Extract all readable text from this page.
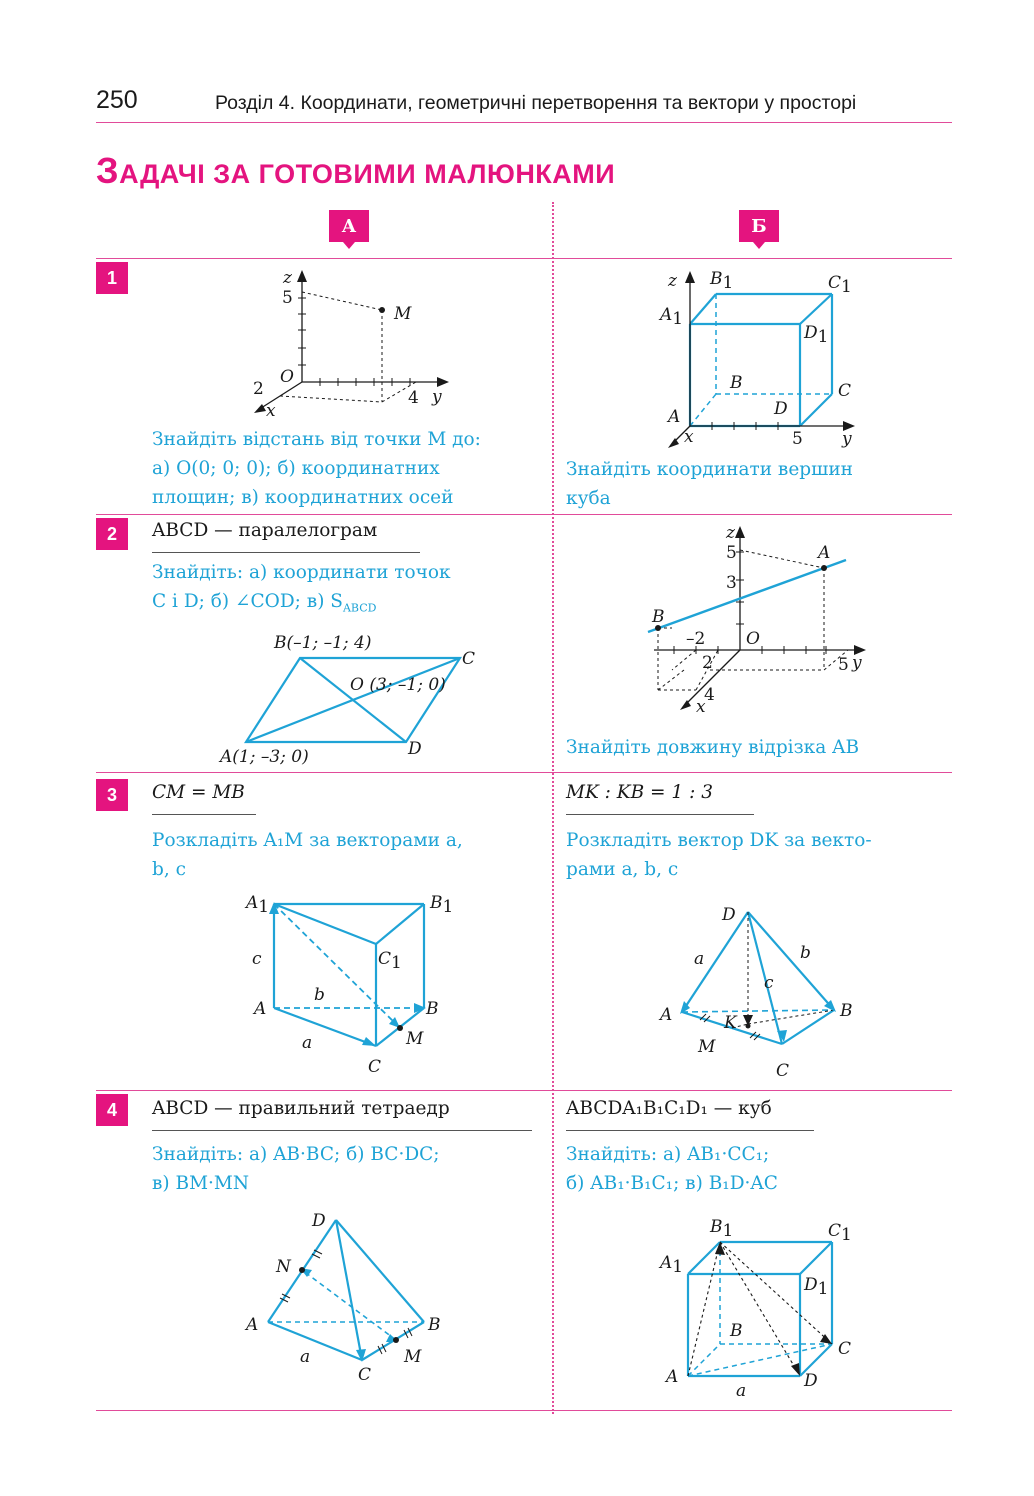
250	Розділ 4. Координати, геометричні перетворення та вектори у просторі
ЗАДАЧІ ЗА ГОТОВИМИ МАЛЮНКАМИ
А	Б
1
2
3
4
z
5
M
O
2
x
4 y
Знайдіть відстань від точки M до:
а) O(0; 0; 0); б) координатних
площин; в) координатних осей
z B1	C1
A1
D1
B	C
A	D
x	5 y
Знайдіть координати вершин
куба
ABCD — паралелограм
Знайдіть: а) координати точок
C і D; б) ∠COD; в) $S_{ABCD}$
B(–1; –1; 4)
C
O (3; –1; 0)
A(1; –3; 0)	D
z
5	A
3
B
–2 O
2	5 y
4
x
Знайдіть довжину відрізка AB
CM = MB
Розкладіть A₁M за векторами a,
b, c
A1	B1
c	C1
b
A	B
a	M
C
MK : KB = 1 : 3
Розкладіть вектор DK за векто-
рами a, b, c
D
a	b
c
A	B
K
M
C
ABCD — правильний тетраедр
Знайдіть: а) AB·BC; б) BC·DC;
в) BM·MN
D
N
A	B
a	M
C
ABCDA₁B₁C₁D₁ — куб
Знайдіть: а) AB₁·CC₁;
б) AB₁·B₁C₁; в) B₁D·AC
B1	C1
A1
D1
B
C
A
a	D
